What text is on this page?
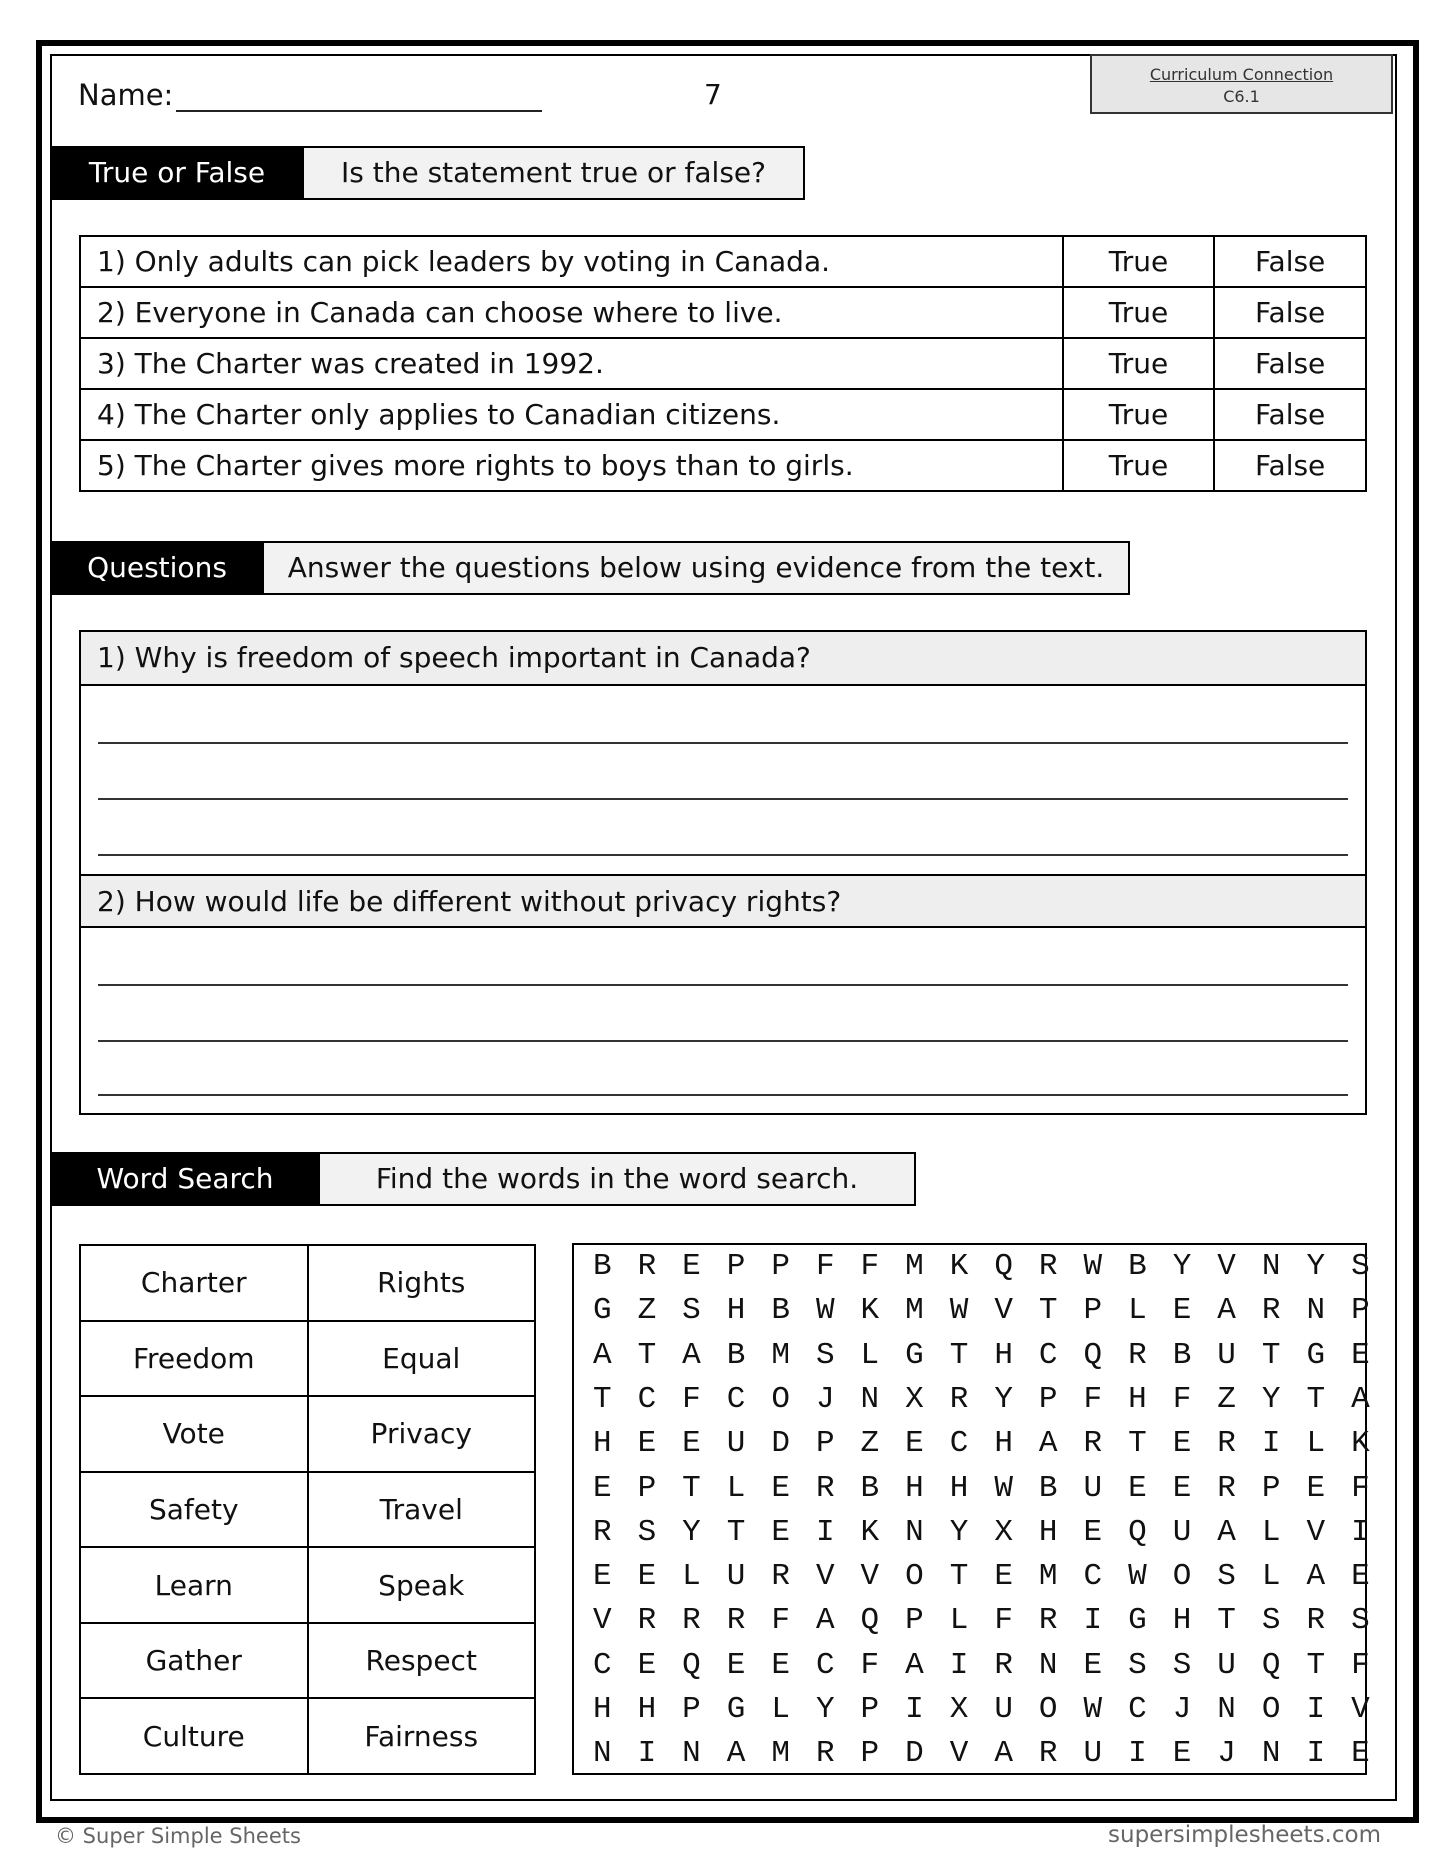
Name:	7
Curriculum Connection
C6.1
True or False	Is the statement true or false?
1) Only adults can pick leaders by voting in Canada.	True	False
2) Everyone in Canada can choose where to live.	True	False
3) The Charter was created in 1992.	True	False
4) The Charter only applies to Canadian citizens.	True	False
5) The Charter gives more rights to boys than to girls.	True	False
Questions	Answer the questions below using evidence from the text.
1) Why is freedom of speech important in Canada?
2) How would life be different without privacy rights?
Word Search	Find the words in the word search.
Charter	Rights
Freedom	Equal
Vote	Privacy
Safety	Travel
Learn	Speak
Gather	Respect
Culture	Fairness
B R E P P F F M K Q R W B Y V N Y S
G Z S H B W K M W V T P L E A R N P
A T A B M S L G T H C Q R B U T G E
T C F C O J N X R Y P F H F Z Y T A
H E E U D P Z E C H A R T E R I L K
E P T L E R B H H W B U E E R P E F
R S Y T E I K N Y X H E Q U A L V I
E E L U R V V O T E M C W O S L A E
V R R R F A Q P L F R I G H T S R S
C E Q E E C F A I R N E S S U Q T F
H H P G L Y P I X U O W C J N O I V
N I N A M R P D V A R U I E J N I E
© Super Simple Sheets	supersimplesheets.com
